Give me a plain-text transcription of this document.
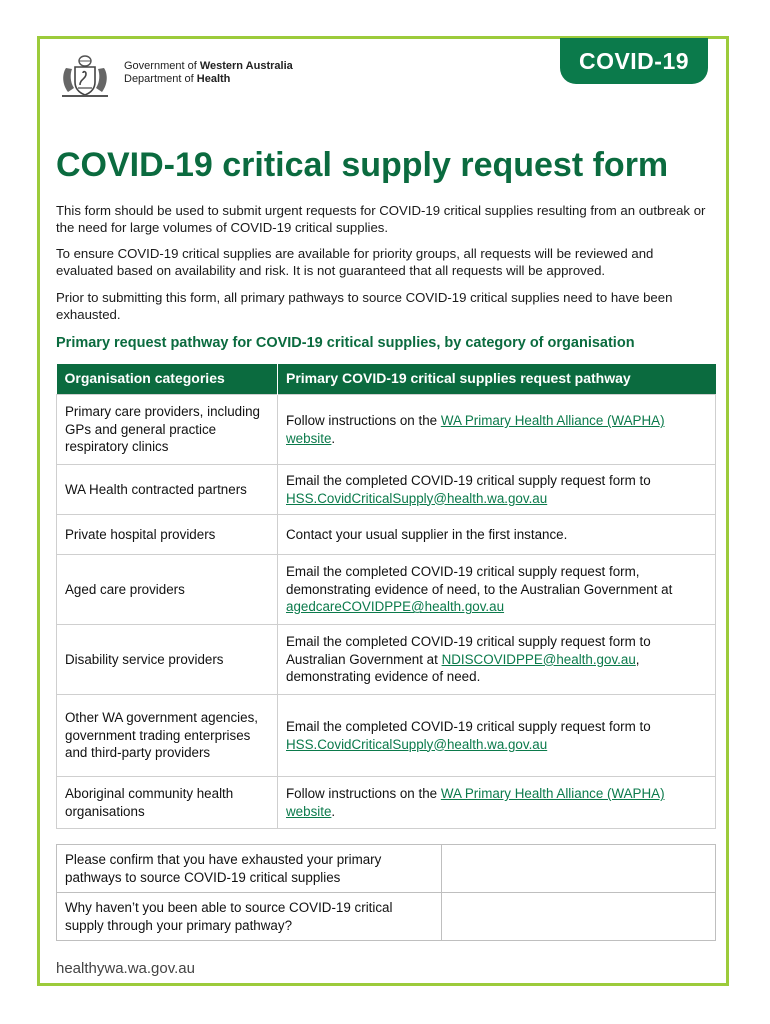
Government of Western Australia
Department of Health
COVID-19
COVID-19 critical supply request form

This form should be used to submit urgent requests for COVID-19 critical supplies resulting from an outbreak or the need for large volumes of COVID-19 critical supplies.

To ensure COVID-19 critical supplies are available for priority groups, all requests will be reviewed and evaluated based on availability and risk. It is not guaranteed that all requests will be approved.

Prior to submitting this form, all primary pathways to source COVID-19 critical supplies need to have been exhausted.

Primary request pathway for COVID-19 critical supplies, by category of organisation
Organisation categories	Primary COVID-19 critical supplies request pathway
Primary care providers, including GPs and general practice respiratory clinics	Follow instructions on the WA Primary Health Alliance (WAPHA) website.
WA Health contracted partners	Email the completed COVID-19 critical supply request form to HSS.CovidCriticalSupply@health.wa.gov.au
Private hospital providers	Contact your usual supplier in the first instance.
Aged care providers	Email the completed COVID-19 critical supply request form, demonstrating evidence of need, to the Australian Government at agedcareCOVIDPPE@health.gov.au
Disability service providers	Email the completed COVID-19 critical supply request form to Australian Government at NDISCOVIDPPE@health.gov.au, demonstrating evidence of need.
Other WA government agencies, government trading enterprises and third-party providers	Email the completed COVID-19 critical supply request form to HSS.CovidCriticalSupply@health.wa.gov.au
Aboriginal community health organisations	Follow instructions on the WA Primary Health Alliance (WAPHA) website.
Please confirm that you have exhausted your primary pathways to source COVID-19 critical supplies	
Why haven’t you been able to source COVID-19 critical supply through your primary pathway?	
healthywa.wa.gov.au
